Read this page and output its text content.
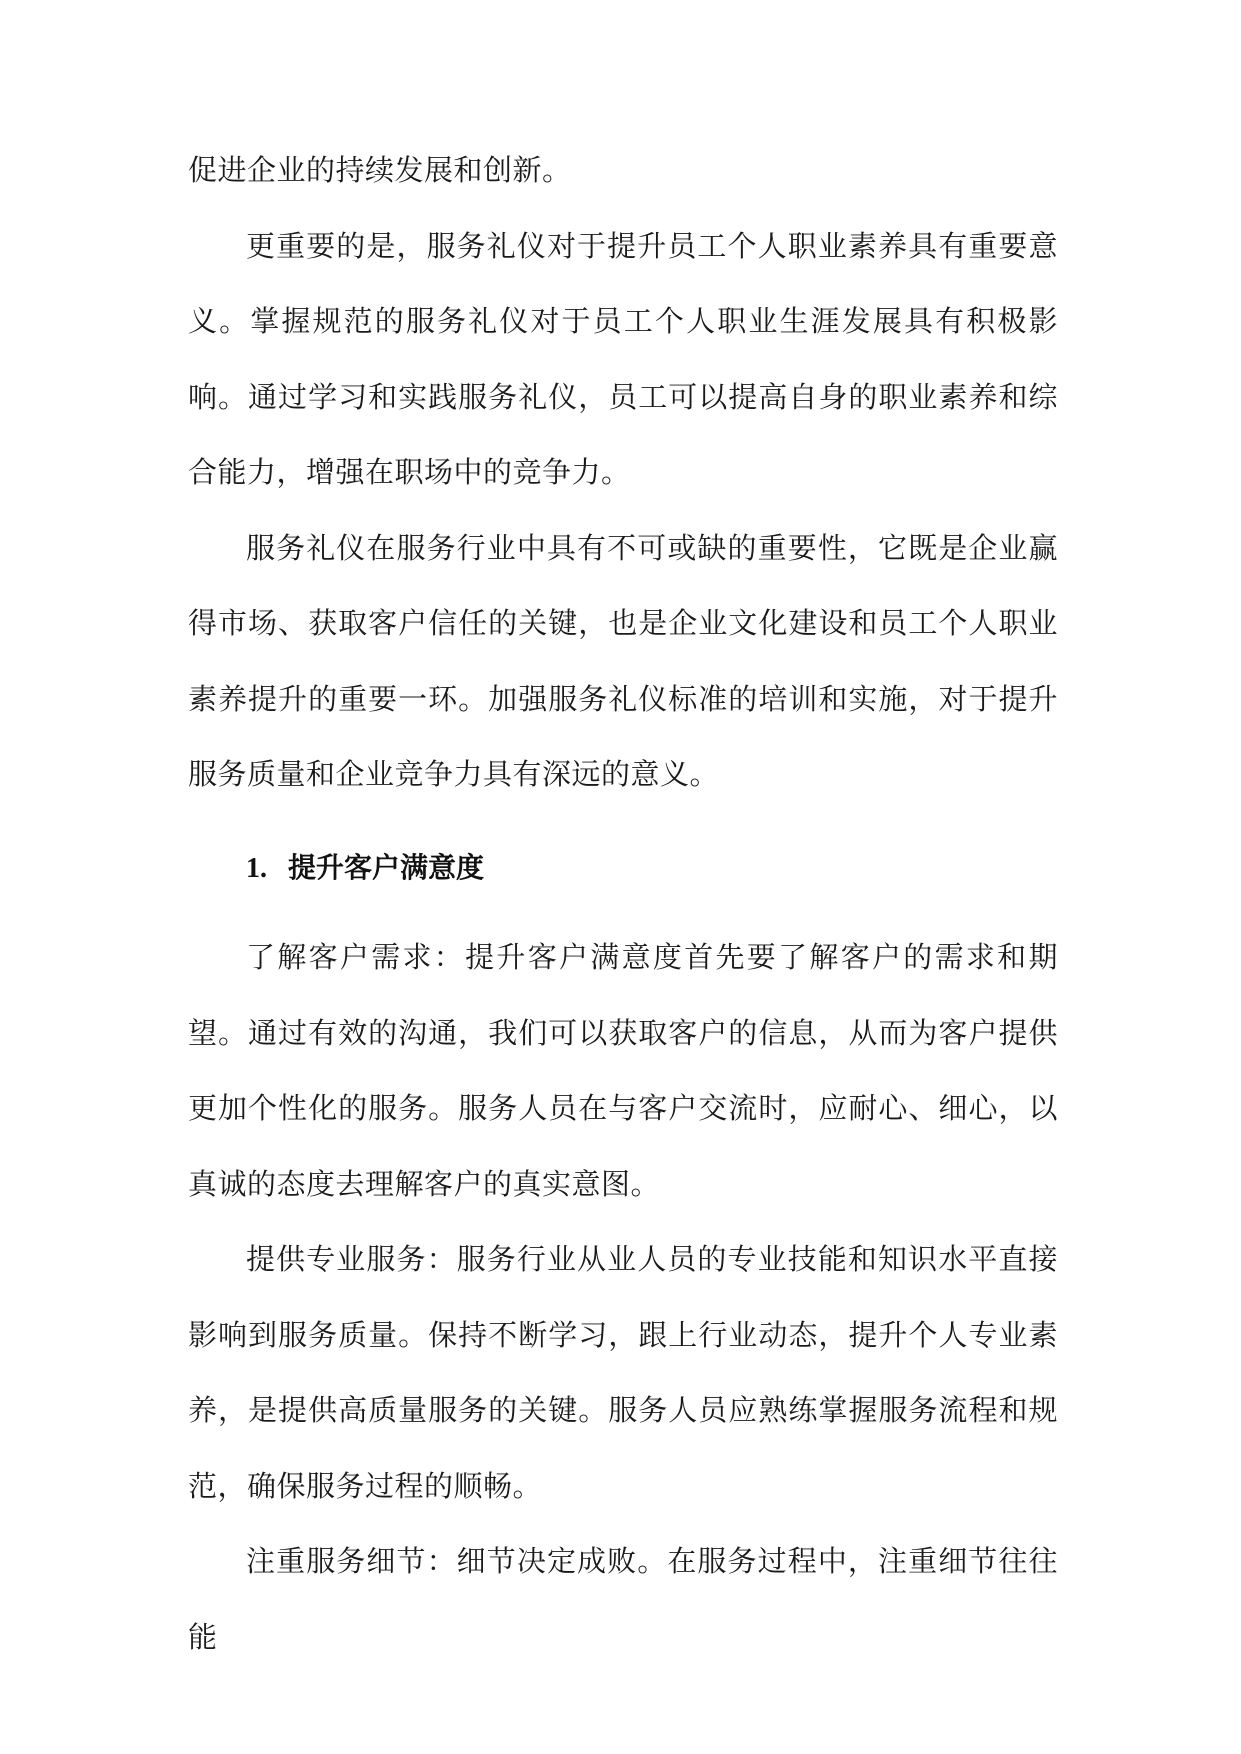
促进企业的持续发展和创新。

更重要的是，服务礼仪对于提升员工个人职业素养具有重要意义。掌握规范的服务礼仪对于员工个人职业生涯发展具有积极影响。通过学习和实践服务礼仪，员工可以提高自身的职业素养和综合能力，增强在职场中的竞争力。

服务礼仪在服务行业中具有不可或缺的重要性，它既是企业赢得市场、获取客户信任的关键，也是企业文化建设和员工个人职业素养提升的重要一环。加强服务礼仪标准的培训和实施，对于提升服务质量和企业竞争力具有深远的意义。

1. 提升客户满意度

了解客户需求：提升客户满意度首先要了解客户的需求和期望。通过有效的沟通，我们可以获取客户的信息，从而为客户提供更加个性化的服务。服务人员在与客户交流时，应耐心、细心，以真诚的态度去理解客户的真实意图。

提供专业服务：服务行业从业人员的专业技能和知识水平直接影响到服务质量。保持不断学习，跟上行业动态，提升个人专业素养，是提供高质量服务的关键。服务人员应熟练掌握服务流程和规范，确保服务过程的顺畅。

注重服务细节：细节决定成败。在服务过程中，注重细节往往能
